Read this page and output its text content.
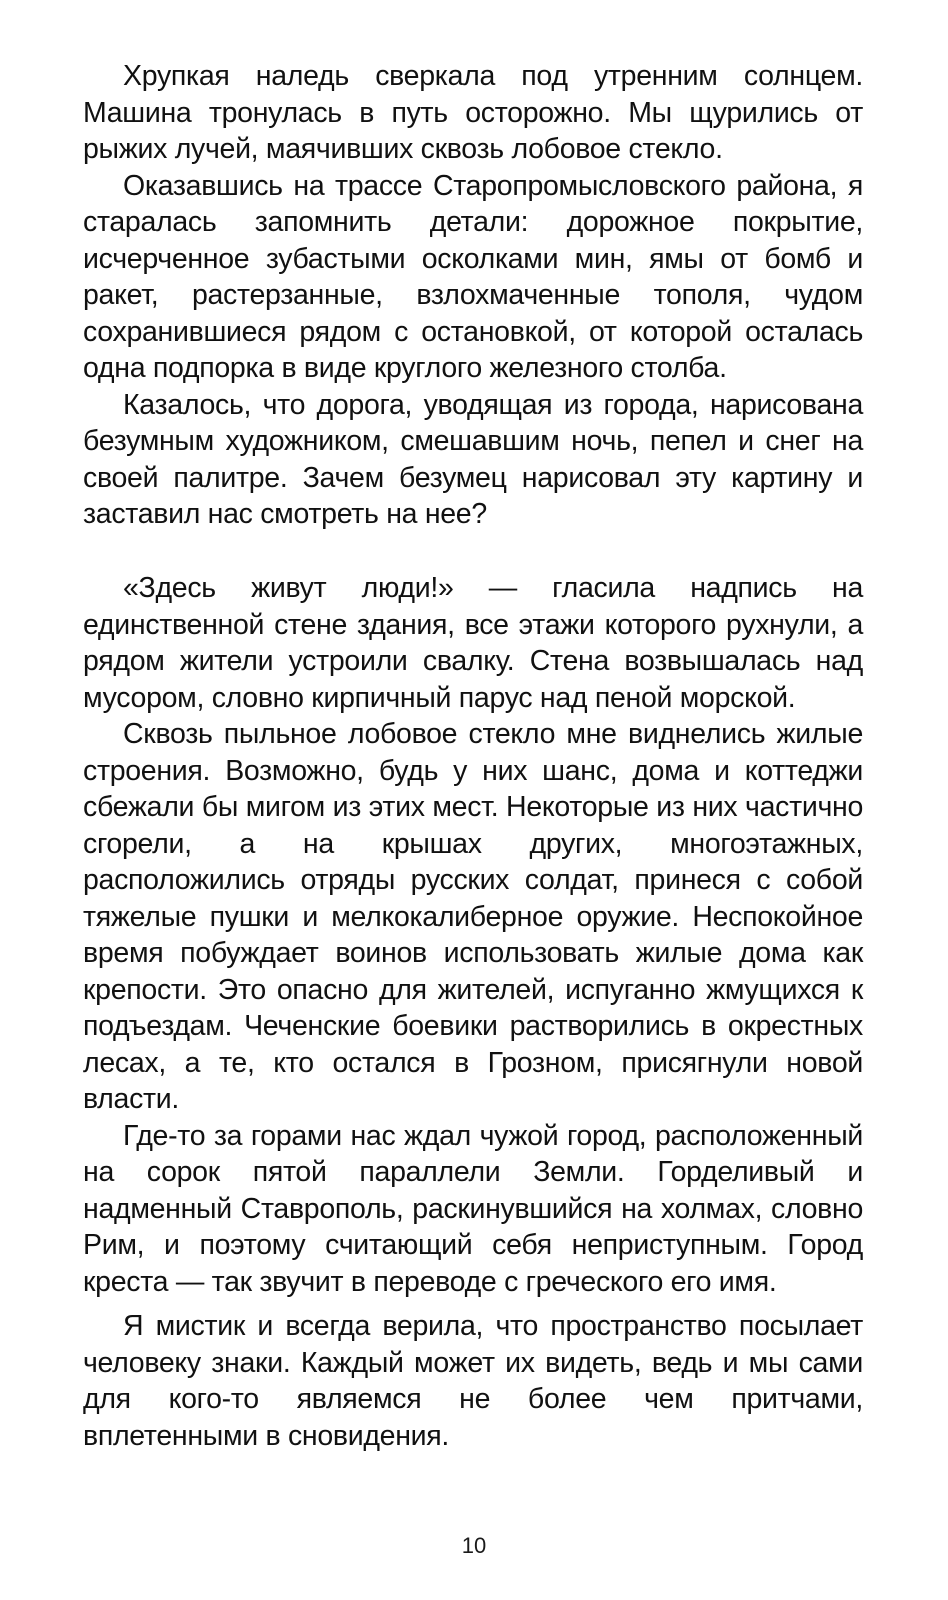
Хрупкая наледь сверкала под утренним солнцем. Машина тронулась в путь осторожно. Мы щурились от рыжих лучей, маячивших сквозь лобовое стекло.

Оказавшись на трассе Старопромысловского района, я старалась запомнить детали: дорожное покрытие, исчерченное зубастыми осколками мин, ямы от бомб и ракет, растерзанные, взлохмаченные тополя, чудом сохранившиеся рядом с остановкой, от которой осталась одна подпорка в виде круглого железного столба.

Казалось, что дорога, уводящая из города, нарисована безумным художником, смешавшим ночь, пепел и снег на своей палитре. Зачем безумец нарисовал эту картину и заставил нас смотреть на нее?

«Здесь живут люди!» — гласила надпись на единственной стене здания, все этажи которого рухнули, а рядом жители устроили свалку. Стена возвышалась над мусором, словно кирпичный парус над пеной морской.

Сквозь пыльное лобовое стекло мне виднелись жилые строения. Возможно, будь у них шанс, дома и коттеджи сбежали бы мигом из этих мест. Некоторые из них частично сгорели, а на крышах других, многоэтажных, расположились отряды русских солдат, принеся с собой тяжелые пушки и мелкокалиберное оружие. Неспокойное время побуждает воинов использовать жилые дома как крепости. Это опасно для жителей, испуганно жмущихся к подъездам. Чеченские боевики растворились в окрестных лесах, а те, кто остался в Грозном, присягнули новой власти.

Где-то за горами нас ждал чужой город, расположенный на сорок пятой параллели Земли. Горделивый и надменный Ставрополь, раскинувшийся на холмах, словно Рим, и поэтому считающий себя неприступным. Город креста — так звучит в переводе с греческого его имя.

Я мистик и всегда верила, что пространство посылает человеку знаки. Каждый может их видеть, ведь и мы сами для кого-то являемся не более чем притчами, вплетенными в сновидения.

10
